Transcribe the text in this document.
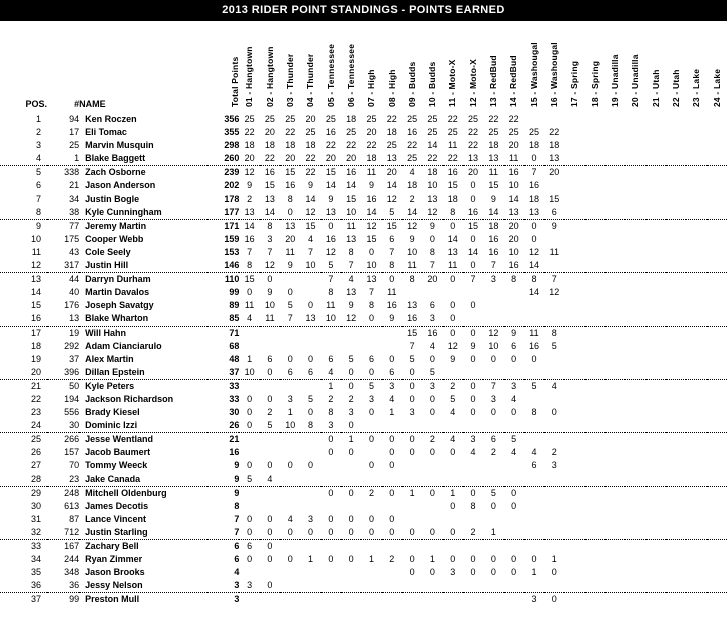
2013 RIDER POINT STANDINGS - POINTS EARNED
POS.	#	NAME	Total Points	01 - Hangtown	02 - Hangtown	03 - Thunder	04 - Thunder	05 - Tennessee	06 - Tennessee	07 - High	08 - High	09 - Budds	10 - Budds	11 - Moto-X	12 - Moto-X	13 - RedBud	14 - RedBud	15 - Washougal	16 - Washougal	17 - Spring	18 - Spring	19 - Unadilla	20 - Unadilla	21 - Utah	22 - Utah	23 - Lake	24 - Lake

1	94	Ken Roczen	356	25	25	25	20	25	18	25	22	25	25	22	25	22	22										
2	17	Eli Tomac	355	22	20	22	25	16	25	20	18	16	25	25	22	25	25	25	22								
3	25	Marvin Musquin	298	18	18	18	18	22	22	22	25	22	14	11	22	18	20	18	18								
4	1	Blake Baggett	260	20	22	20	22	20	20	18	13	25	22	22	13	13	11	0	13								
5	338	Zach Osborne	239	12	16	15	22	15	16	11	20	4	18	16	20	11	16	7	20								
6	21	Jason Anderson	202	9	15	16	9	14	14	9	14	18	10	15	0	15	10	16									
7	34	Justin Bogle	178	2	13	8	14	9	15	16	12	2	13	18	0	9	14	18	15								
8	38	Kyle Cunningham	177	13	14	0	12	13	10	14	5	14	12	8	16	14	13	13	6								
9	77	Jeremy Martin	171	14	8	13	15	0	11	12	15	12	9	0	15	18	20	0	9								
10	175	Cooper Webb	159	16	3	20	4	16	13	15	6	9	0	14	0	16	20	0									
11	43	Cole Seely	153	7	7	11	7	12	8	0	7	10	8	13	14	16	10	12	11								
12	317	Justin Hill	146	8	12	9	10	5	7	10	8	11	7	11	0	7	16	14									
13	44	Darryn Durham	110	15	0			7	4	13	0	8	20	0	7	3	8	8	7								
14	40	Martin Davalos	99	0	9	0		8	13	7	11							14	12								
15	176	Joseph Savatgy	89	11	10	5	0	11	9	8	16	13	6	0	0												
16	13	Blake Wharton	85	4	11	7	13	10	12	0	9	16	3	0													
17	19	Will Hahn	71									15	16	0	0	12	9	11	8								
18	292	Adam Cianciarulo	68									7	4	12	9	10	6	16	5								
19	37	Alex Martin	48	1	6	0	0	6	5	6	0	5	0	9	0	0	0	0									
20	396	Dillan Epstein	37	10	0	6	6	4	0	0	6	0	5														
21	50	Kyle Peters	33					1	0	5	3	0	3	2	0	7	3	5	4								
22	194	Jackson Richardson	33	0	0	3	5	2	2	3	4	0	0	5	0	3	4										
23	556	Brady Kiesel	30	0	2	1	0	8	3	0	1	3	0	4	0	0	0	8	0								
24	30	Dominic Izzi	26	0	5	10	8	3	0																		
25	266	Jesse Wentland	21					0	1	0	0	0	2	4	3	6	5										
26	157	Jacob Baumert	16					0	0		0	0	0	0	4	2	4	4	2								
27	70	Tommy Weeck	9	0	0	0	0			0	0							6	3								
28	23	Jake Canada	9	5	4																						
29	248	Mitchell Oldenburg	9					0	0	2	0	1	0	1	0	5	0										
30	613	James Decotis	8											0	8	0	0										
31	87	Lance Vincent	7	0	0	4	3	0	0	0	0																
32	712	Justin Starling	7	0	0	0	0	0	0	0	0	0	0	0	2	1											
33	167	Zachary Bell	6	6	0																						
34	244	Ryan Zimmer	6	0	0	0	1	0	0	1	2	0	1	0	0	0	0	0	1								
35	348	Jason Brooks	4									0	0	3	0	0	0	1	0								
36	36	Jessy Nelson	3	3	0																						
37	99	Preston Mull	3															3	0								
